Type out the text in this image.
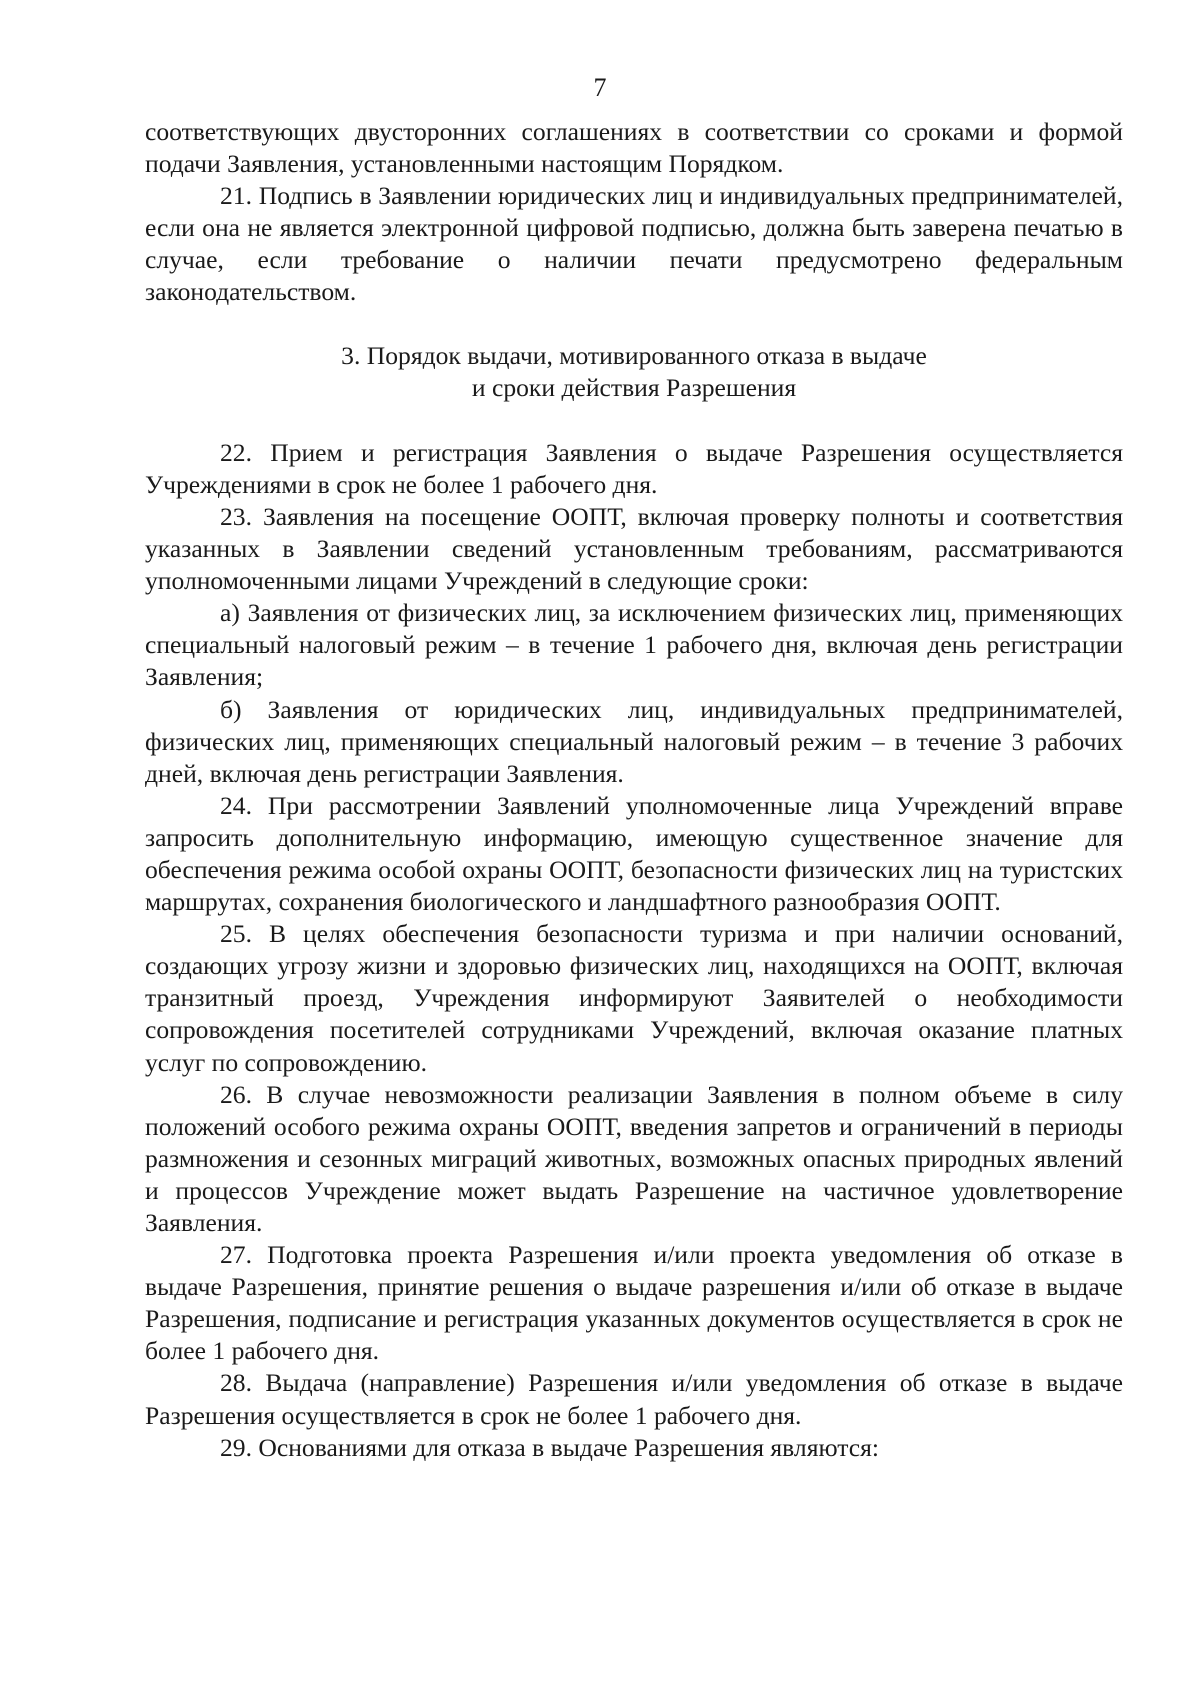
7

соответствующих двусторонних соглашениях в соответствии со сроками и формой подачи Заявления, установленными настоящим Порядком.

21. Подпись в Заявлении юридических лиц и индивидуальных предпринимателей, если она не является электронной цифровой подписью, должна быть заверена печатью в случае, если требование о наличии печати предусмотрено федеральным законодательством.

3. Порядок выдачи, мотивированного отказа в выдаче
и сроки действия Разрешения

22. Прием и регистрация Заявления о выдаче Разрешения осуществляется Учреждениями в срок не более 1 рабочего дня.

23. Заявления на посещение ООПТ, включая проверку полноты и соответствия указанных в Заявлении сведений установленным требованиям, рассматриваются уполномоченными лицами Учреждений в следующие сроки:

а) Заявления от физических лиц, за исключением физических лиц, применяющих специальный налоговый режим – в течение 1 рабочего дня, включая день регистрации Заявления;

б) Заявления от юридических лиц, индивидуальных предпринимателей, физических лиц, применяющих специальный налоговый режим – в течение 3 рабочих дней, включая день регистрации Заявления.

24. При рассмотрении Заявлений уполномоченные лица Учреждений вправе запросить дополнительную информацию, имеющую существенное значение для обеспечения режима особой охраны ООПТ, безопасности физических лиц на туристских маршрутах, сохранения биологического и ландшафтного разнообразия ООПТ.

25. В целях обеспечения безопасности туризма и при наличии оснований, создающих угрозу жизни и здоровью физических лиц, находящихся на ООПТ, включая транзитный проезд, Учреждения информируют Заявителей о необходимости сопровождения посетителей сотрудниками Учреждений, включая оказание платных услуг по сопровождению.

26. В случае невозможности реализации Заявления в полном объеме в силу положений особого режима охраны ООПТ, введения запретов и ограничений в периоды размножения и сезонных миграций животных, возможных опасных природных явлений и процессов Учреждение может выдать Разрешение на частичное удовлетворение Заявления.

27. Подготовка проекта Разрешения и/или проекта уведомления об отказе в выдаче Разрешения, принятие решения о выдаче разрешения и/или об отказе в выдаче Разрешения, подписание и регистрация указанных документов осуществляется в срок не более 1 рабочего дня.

28. Выдача (направление) Разрешения и/или уведомления об отказе в выдаче Разрешения осуществляется в срок не более 1 рабочего дня.

29. Основаниями для отказа в выдаче Разрешения являются:
